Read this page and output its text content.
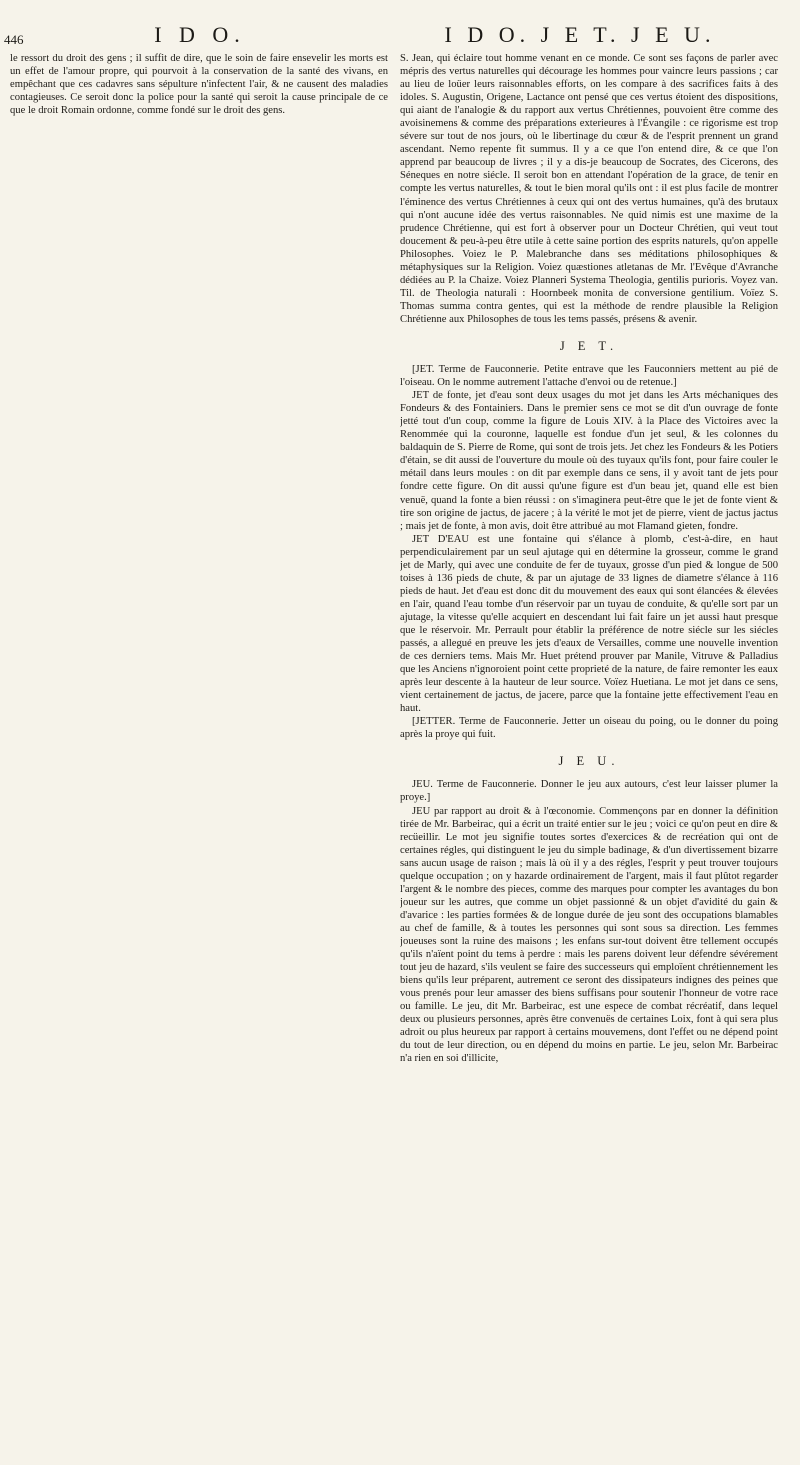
446	I D O.	I D O. J E T. J E U.

le ressort du droit des gens ; il suffit de dire, que le soin de faire ensevelir les morts est un effet de l'amour propre, qui pourvoit à la conservation de la santé des vivans, en empêchant que ces cadavres sans sépulture n'infectent l'air, & ne causent des maladies contagieuses. Ce seroit donc la police pour la santé qui seroit la cause principale de ce que le droit Romain ordonne, comme fondé sur le droit des gens.

S. Jean, qui éclaire tout homme venant en ce monde. Ce sont ses façons de parler avec mépris des vertus naturelles qui décourage les hommes pour vaincre leurs passions ; car au lieu de loüer leurs raisonnables efforts, on les compare à des sacrifices faits à des idoles. S. Augustin, Origene, Lactance ont pensé que ces vertus étoient des dispositions, qui aiant de l'analogie & du rapport aux vertus Chrétiennes, pouvoient être comme des avoisinemens & comme des préparations exterieures à l'Évangile : ce rigorisme est trop sévere sur tout de nos jours, où le libertinage du cœur & de l'esprit prennent un grand ascendant. Nemo repente fit summus. Il y a ce que l'on entend dire, & ce que l'on apprend par beaucoup de livres ; il y a dis-je beaucoup de Socrates, des Cicerons, des Séneques en notre siécle. Il seroit bon en attendant l'opération de la grace, de tenir en compte les vertus naturelles, & tout le bien moral qu'ils ont : il est plus facile de montrer l'éminence des vertus Chrétiennes à ceux qui ont des vertus humaines, qu'à des brutaux qui n'ont aucune idée des vertus raisonnables. Ne quid nimis est une maxime de la prudence Chrétienne, qui est fort à observer pour un Docteur Chrétien, qui veut tout doucement & peu-à-peu être utile à cette saine portion des esprits naturels, qu'on appelle Philosophes. Voiez le P. Malebranche dans ses méditations philosophiques & métaphysiques sur la Religion. Voiez quæstiones atletanas de Mr. l'Evêque d'Avranche dédiées au P. la Chaize. Voiez Planneri Systema Theologia, gentilis purioris. Voyez van. Til. de Theologia naturali : Hoornbeek monita de conversione gentilium. Voïez S. Thomas summa contra gentes, qui est la méthode de rendre plausible la Religion Chrétienne aux Philosophes de tous les tems passés, présens & avenir.

J E T.

[JET. Terme de Fauconnerie. Petite entrave que les Fauconniers mettent au pié de l'oiseau. On le nomme autrement l'attache d'envoi ou de retenue.]

JET de fonte, jet d'eau sont deux usages du mot jet dans les Arts méchaniques des Fondeurs & des Fontainiers. Dans le premier sens ce mot se dit d'un ouvrage de fonte jetté tout d'un coup, comme la figure de Louis XIV. à la Place des Victoires avec la Renommée qui la couronne, laquelle est fondue d'un jet seul, & les colonnes du baldaquin de S. Pierre de Rome, qui sont de trois jets. Jet chez les Fondeurs & les Potiers d'étain, se dit aussi de l'ouverture du moule où des tuyaux qu'ils font, pour faire couler le métail dans leurs moules : on dit par exemple dans ce sens, il y avoit tant de jets pour fondre cette figure. On dit aussi qu'une figure est d'un beau jet, quand elle est bien venuë, quand la fonte a bien réussi : on s'imaginera peut-être que le jet de fonte vient & tire son origine de jactus, de jacere ; à la vérité le mot jet de pierre, vient de jactus jactus ; mais jet de fonte, à mon avis, doit être attribué au mot Flamand gieten, fondre.

JET D'EAU est une fontaine qui s'élance à plomb, c'est-à-dire, en haut perpendiculairement par un seul ajutage qui en détermine la grosseur, comme le grand jet de Marly, qui avec une conduite de fer de tuyaux, grosse d'un pied & longue de 500 toises à 136 pieds de chute, & par un ajutage de 33 lignes de diametre s'élance à 116 pieds de haut. Jet d'eau est donc dit du mouvement des eaux qui sont élancées & élevées en l'air, quand l'eau tombe d'un réservoir par un tuyau de conduite, & qu'elle sort par un ajutage, la vitesse qu'elle acquiert en descendant lui fait faire un jet aussi haut presque que le réservoir. Mr. Perrault pour établir la préférence de notre siécle sur les siécles passés, a allegué en preuve les jets d'eaux de Versailles, comme une nouvelle invention de ces derniers tems. Mais Mr. Huet prétend prouver par Manile, Vitruve & Palladius que les Anciens n'ignoroient point cette proprieté de la nature, de faire remonter les eaux après leur descente à la hauteur de leur source. Voïez Huetiana. Le mot jet dans ce sens, vient certainement de jactus, de jacere, parce que la fontaine jette effectivement l'eau en haut.

[JETTER. Terme de Fauconnerie. Jetter un oiseau du poing, ou le donner du poing après la proye qui fuit.

J E U.

JEU. Terme de Fauconnerie. Donner le jeu aux autours, c'est leur laisser plumer la proye.]

JEU par rapport au droit & à l'œconomie. Commençons par en donner la définition tirée de Mr. Barbeirac, qui a écrit un traité entier sur le jeu ; voici ce qu'on peut en dire & recüeillir. Le mot jeu signifie toutes sortes d'exercices & de recréation qui ont de certaines régles, qui distinguent le jeu du simple badinage, & d'un divertissement bizarre sans aucun usage de raison ; mais là où il y a des régles, l'esprit y peut trouver toujours quelque occupation ; on y hazarde ordinairement de l'argent, mais il faut plûtot regarder l'argent & le nombre des pieces, comme des marques pour compter les avantages du bon joueur sur les autres, que comme un objet passionné & un objet d'avidité du gain & d'avarice : les parties formées & de longue durée de jeu sont des occupations blamables au chef de famille, & à toutes les personnes qui sont sous sa direction. Les femmes joueuses sont la ruine des maisons ; les enfans sur-tout doivent être tellement occupés qu'ils n'aïent point du tems à perdre : mais les parens doivent leur défendre sévérement tout jeu de hazard, s'ils veulent se faire des successeurs qui emploïent chrétiennement les biens qu'ils leur préparent, autrement ce seront des dissipateurs indignes des peines que vous prenés pour leur amasser des biens suffisans pour soutenir l'honneur de votre race ou famille. Le jeu, dit Mr. Barbeirac, est une espece de combat récréatif, dans lequel deux ou plusieurs personnes, après être convenuës de certaines Loix, font à qui sera plus adroit ou plus heureux par rapport à certains mouvemens, dont l'effet ou ne dépend point du tout de leur direction, ou en dépend du moins en partie. Le jeu, selon Mr. Barbeirac n'a rien en soi d'illicite,
